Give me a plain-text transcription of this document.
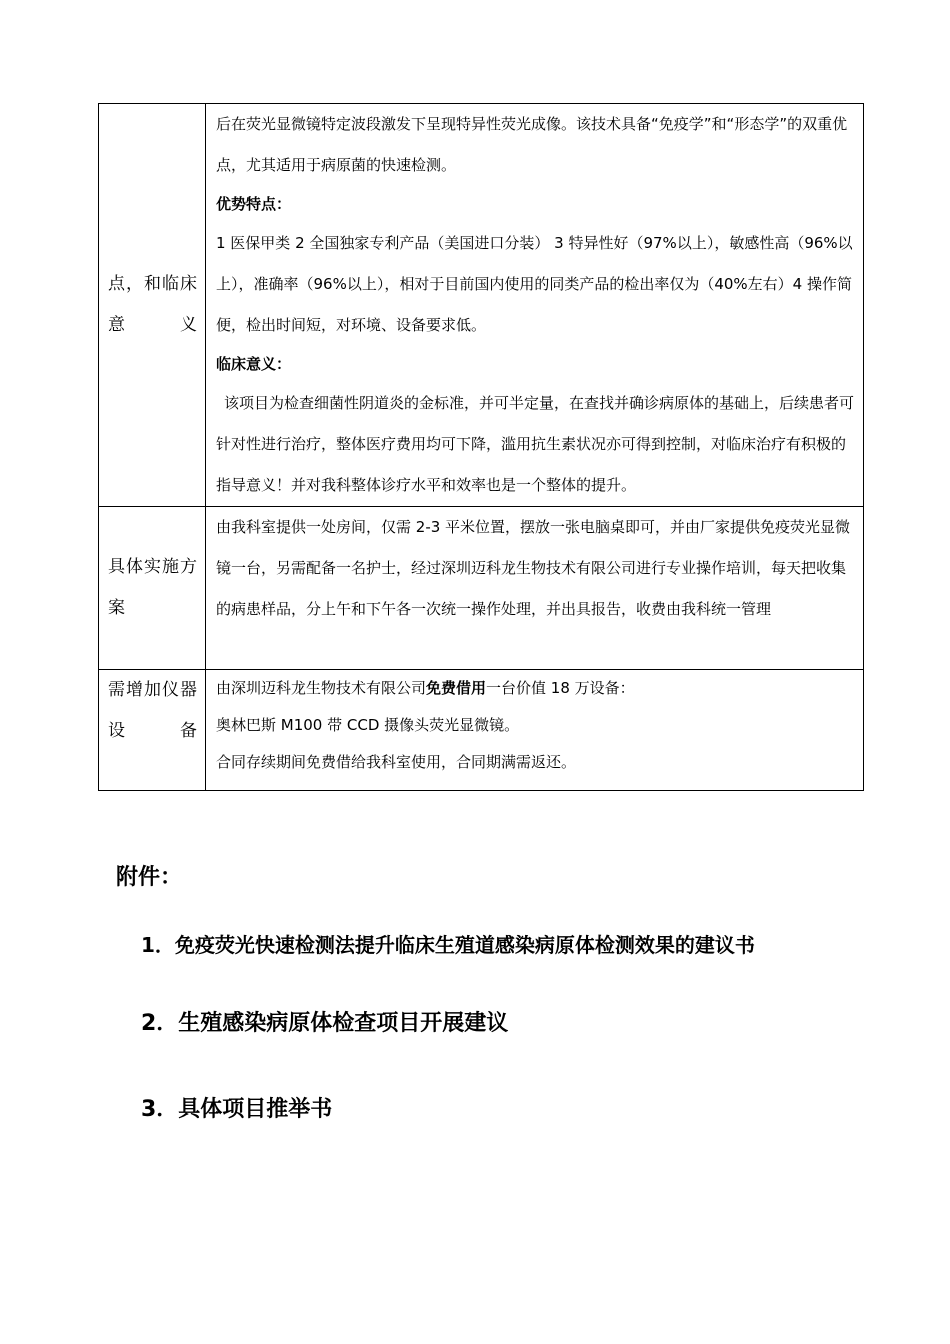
点，和临床意义	后在荧光显微镜特定波段激发下呈现特异性荧光成像。该技术具备“免疫学”和“形态学”的双重优点，尤其适用于病原菌的快速检测。

优势特点：

1 医保甲类 2 全国独家专利产品（美国进口分装） 3 特异性好（97%以上），敏感性高（96%以上），准确率（96%以上），相对于目前国内使用的同类产品的检出率仅为（40%左右）4 操作简便，检出时间短，对环境、设备要求低。

临床意义：

该项目为检查细菌性阴道炎的金标准，并可半定量，在查找并确诊病原体的基础上，后续患者可针对性进行治疗，整体医疗费用均可下降，滥用抗生素状况亦可得到控制，对临床治疗有积极的指导意义！并对我科整体诊疗水平和效率也是一个整体的提升。

具体实施方案	由我科室提供一处房间，仅需 2-3 平米位置，摆放一张电脑桌即可，并由厂家提供免疫荧光显微镜一台，另需配备一名护士，经过深圳迈科龙生物技术有限公司进行专业操作培训，每天把收集的病患样品，分上午和下午各一次统一操作处理，并出具报告，收费由我科统一管理

需增加仪器设备	由深圳迈科龙生物技术有限公司免费借用一台价值 18 万设备：

奥林巴斯 M100 带 CCD 摄像头荧光显微镜。

合同存续期间免费借给我科室使用，合同期满需返还。

附件：

1．免疫荧光快速检测法提升临床生殖道感染病原体检测效果的建议书

2．生殖感染病原体检查项目开展建议

3．具体项目推举书
